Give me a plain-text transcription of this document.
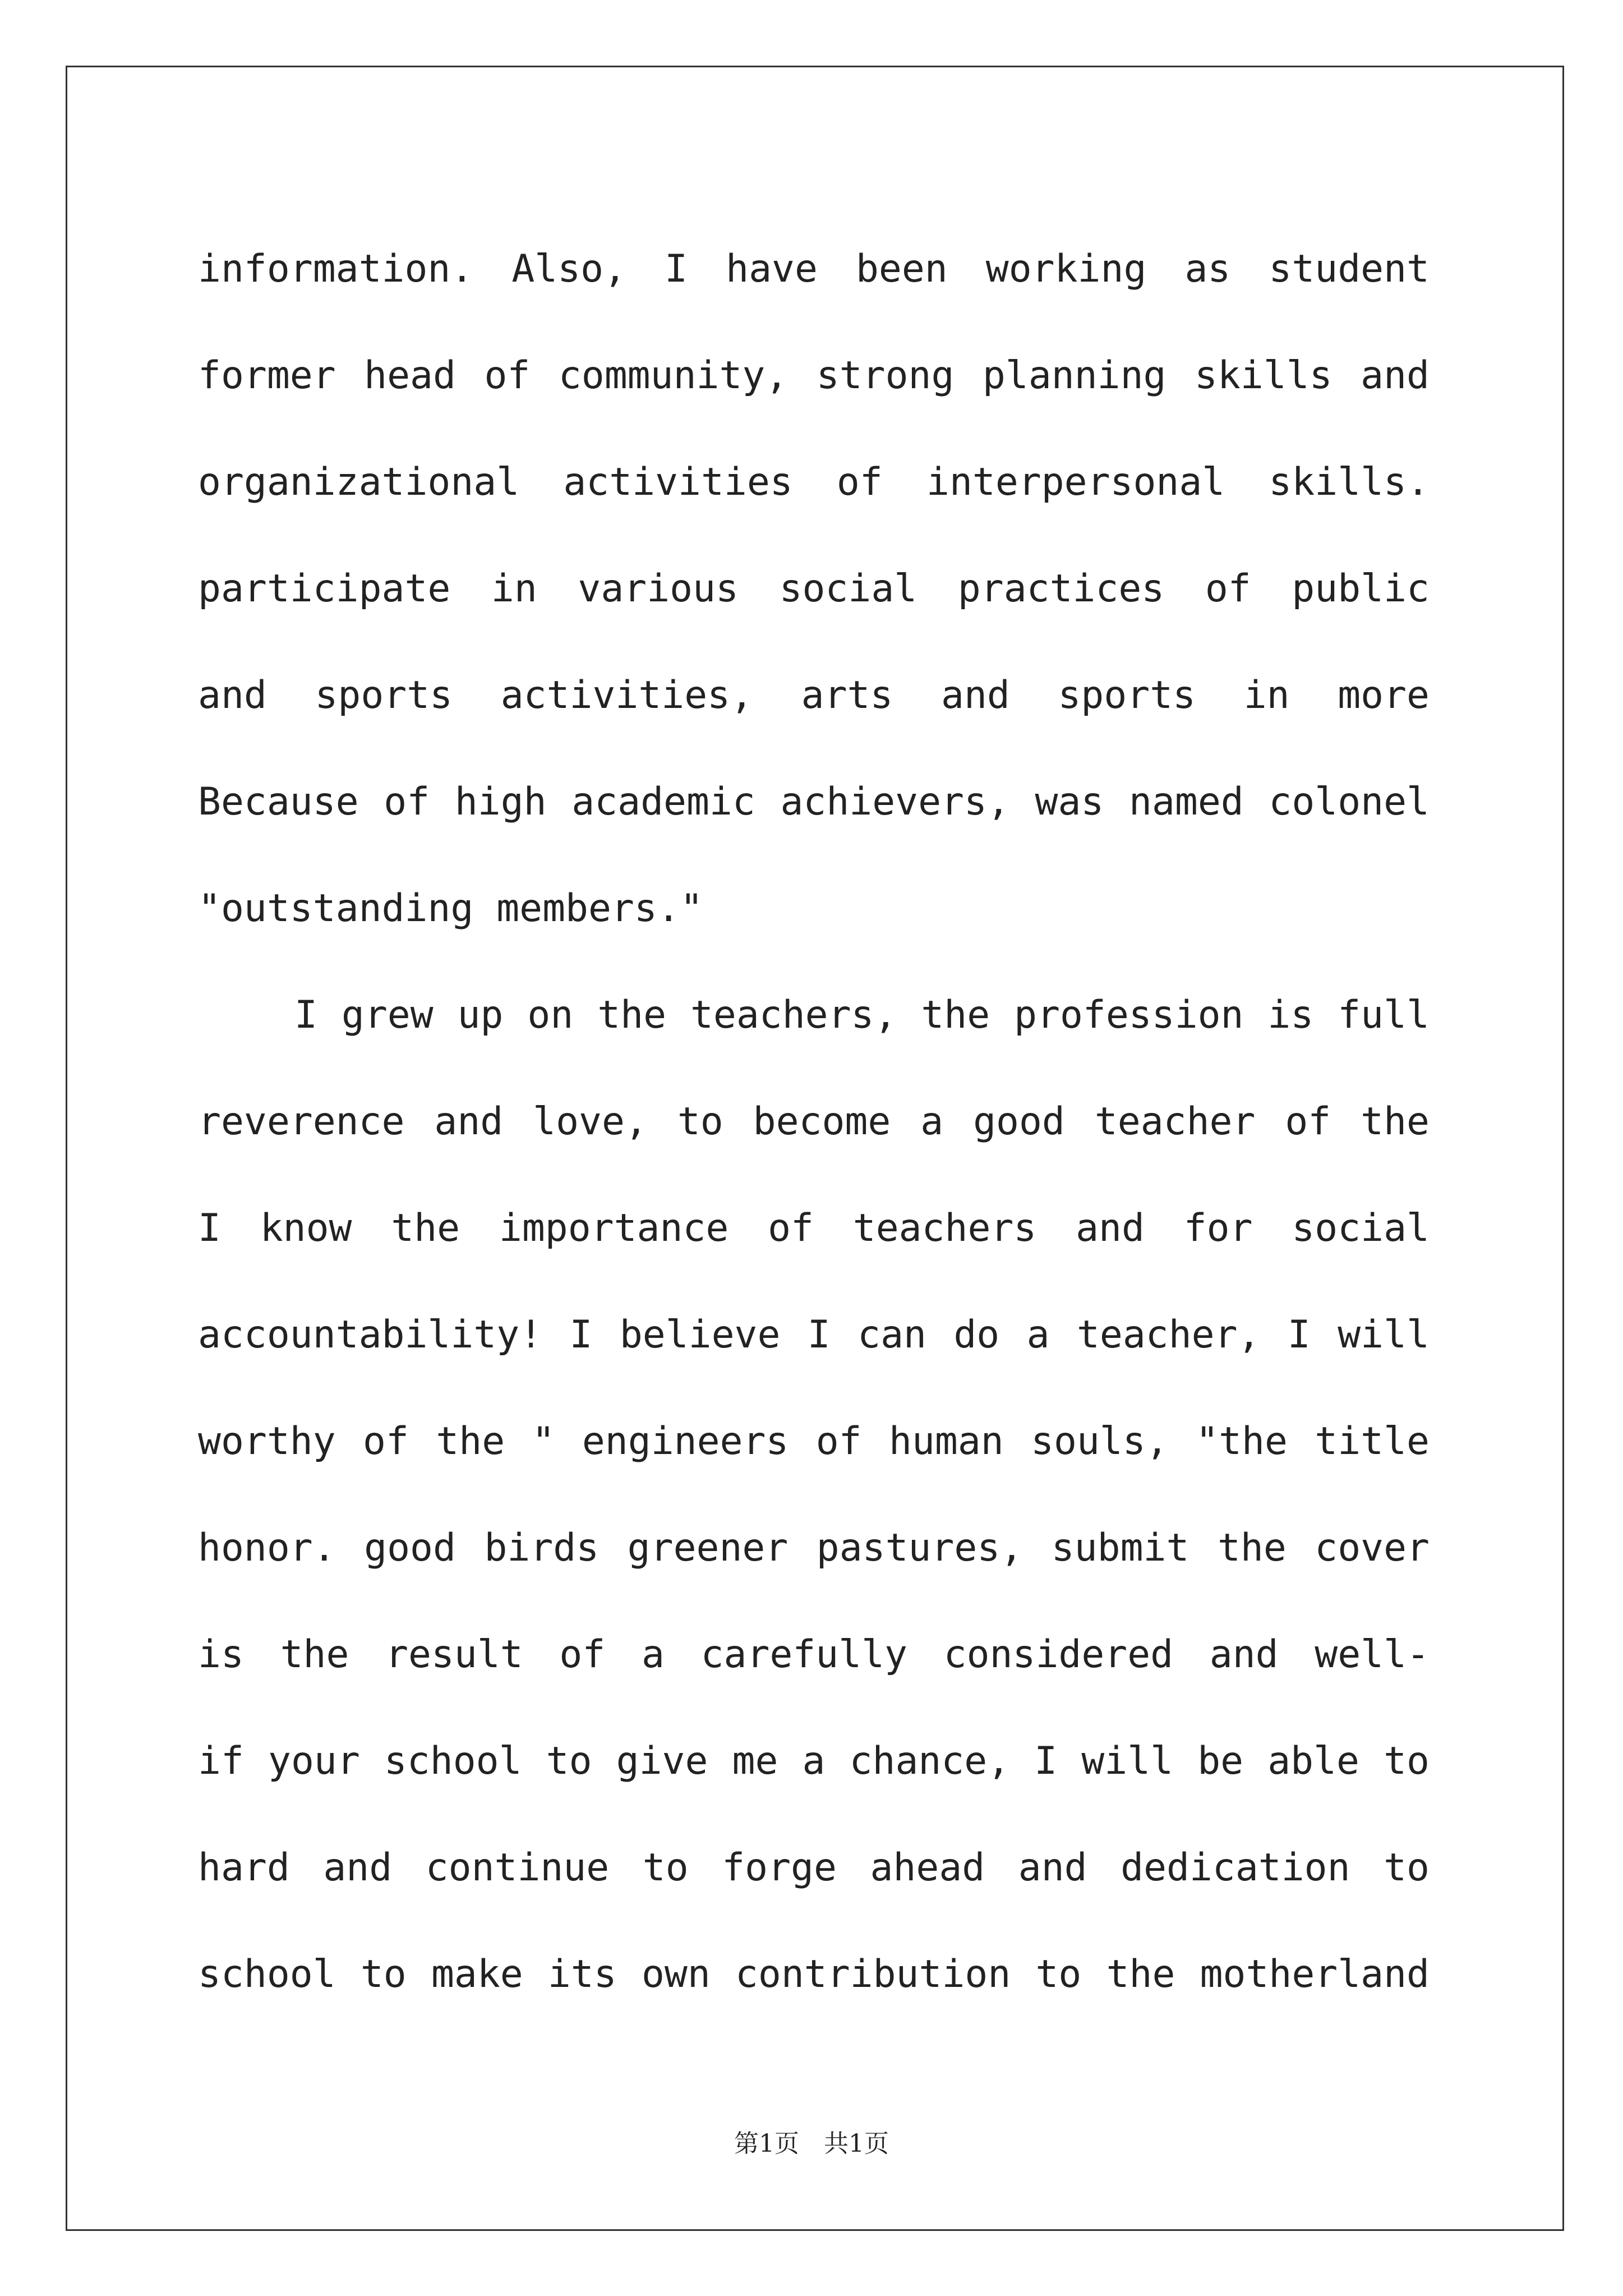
information. Also, I have been working as student
former head of community, strong planning skills and
organizational activities of interpersonal skills.
participate in various social practices of public
and sports activities, arts and sports in more
Because of high academic achievers, was named colonel
"outstanding members."
I grew up on the teachers, the profession is full
reverence and love, to become a good teacher of the
I know the importance of teachers and for social
accountability! I believe I can do a teacher, I will
worthy of the " engineers of human souls, "the title
honor. good birds greener pastures, submit the cover
is the result of a carefully considered and well-
if your school to give me a chance, I will be able to
hard and continue to forge ahead and dedication to
school to make its own contribution to the motherland
第1页　共1页
